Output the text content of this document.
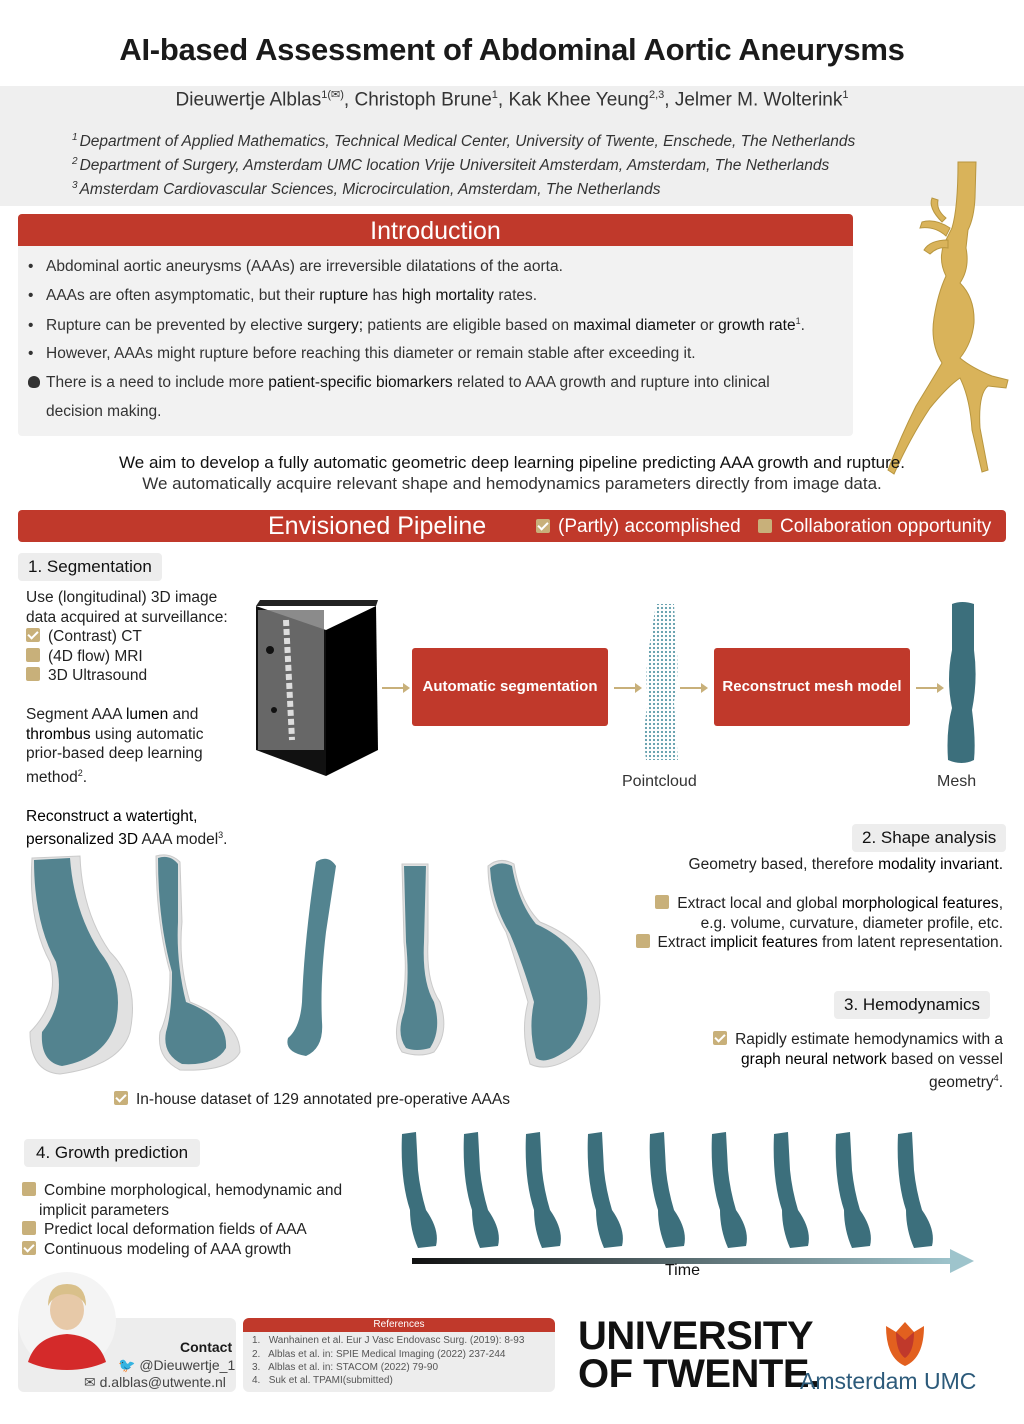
AI-based Assessment of Abdominal Aortic Aneurysms
Dieuwertje Alblas$^{1(✉)}$, Christoph Brune$^1$, Kak Khee Yeung$^{2,3}$, Jelmer M. Wolterink$^1$
$^1$ Department of Applied Mathematics, Technical Medical Center, University of Twente, Enschede, The Netherlands
$^2$ Department of Surgery, Amsterdam UMC location Vrije Universiteit Amsterdam, Amsterdam, The Netherlands
$^3$ Amsterdam Cardiovascular Sciences, Microcirculation, Amsterdam, The Netherlands
Introduction
• Abdominal aortic aneurysms (AAAs) are irreversible dilatations of the aorta.
• AAAs are often asymptomatic, but their rupture has high mortality rates.
• Rupture can be prevented by elective surgery; patients are eligible based on maximal diameter or growth rate$^1$.
• However, AAAs might rupture before reaching this diameter or remain stable after exceeding it.
There is a need to include more patient-specific biomarkers related to AAA growth and rupture into clinical
decision making.
We aim to develop a fully automatic geometric deep learning pipeline predicting AAA growth and rupture.
We automatically acquire relevant shape and hemodynamics parameters directly from image data.
Envisioned Pipeline	(Partly) accomplished	Collaboration opportunity
1. Segmentation
Use (longitudinal) 3D image
data acquired at surveillance:
(Contrast) CT
(4D flow) MRI
3D Ultrasound
Segment AAA lumen and
thrombus using automatic
prior-based deep learning
method$^2$.
Reconstruct a watertight,
personalized 3D AAA model$^3$.
Automatic segmentation	Reconstruct mesh model
Pointcloud	Mesh
In-house dataset of 129 annotated pre-operative AAAs
2. Shape analysis
Geometry based, therefore modality invariant.
Extract local and global morphological features,
e.g. volume, curvature, diameter profile, etc.
Extract implicit features from latent representation.
3. Hemodynamics
Rapidly estimate hemodynamics with a
graph neural network based on vessel
geometry$^4$.
4. Growth prediction
Combine morphological, hemodynamic and
implicit parameters
Predict local deformation fields of AAA
Continuous modeling of AAA growth
Time
Contact
🐦 @Dieuwertje_1
✉ d.alblas@utwente.nl
References
1.   Wanhainen et al. Eur J Vasc Endovasc Surg. (2019): 8-93
2.   Alblas et al. in: SPIE Medical Imaging (2022) 237-244
3.   Alblas et al. in: STACOM (2022) 79-90
4.   Suk et al. TPAMI(submitted)
UNIVERSITY
OF TWENTE.
Amsterdam UMC
